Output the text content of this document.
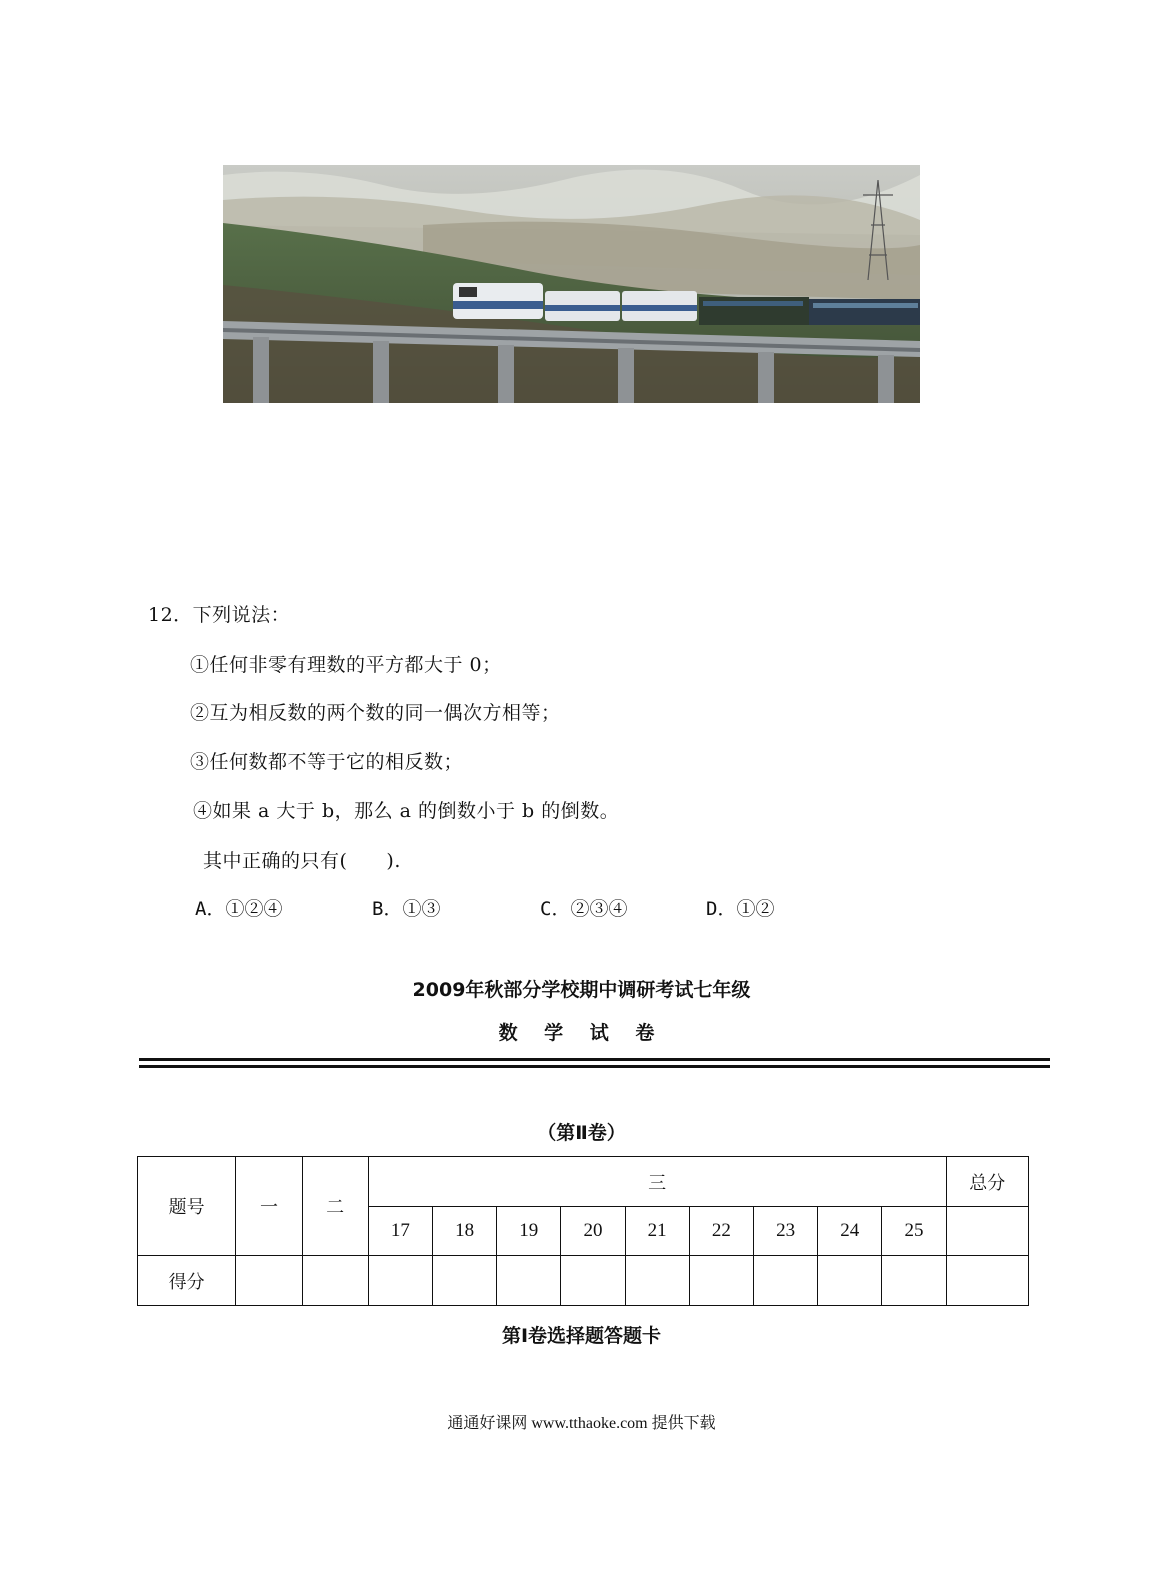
12．下列说法：
①任何非零有理数的平方都大于 0；
②互为相反数的两个数的同一偶次方相等；
③任何数都不等于它的相反数；
④如果 a 大于 b，那么 a 的倒数小于 b 的倒数。
其中正确的只有(　　).
A．①②④	B．①③	C．②③④	D．①②
2009年秋部分学校期中调研考试七年级
数 学 试 卷
（第Ⅱ卷）
题号	一	二	三									总分
			17	18	19	20	21	22	23	24	25	
得分												
第Ⅰ卷选择题答题卡
通通好课网 www.tthaoke.com 提供下载
